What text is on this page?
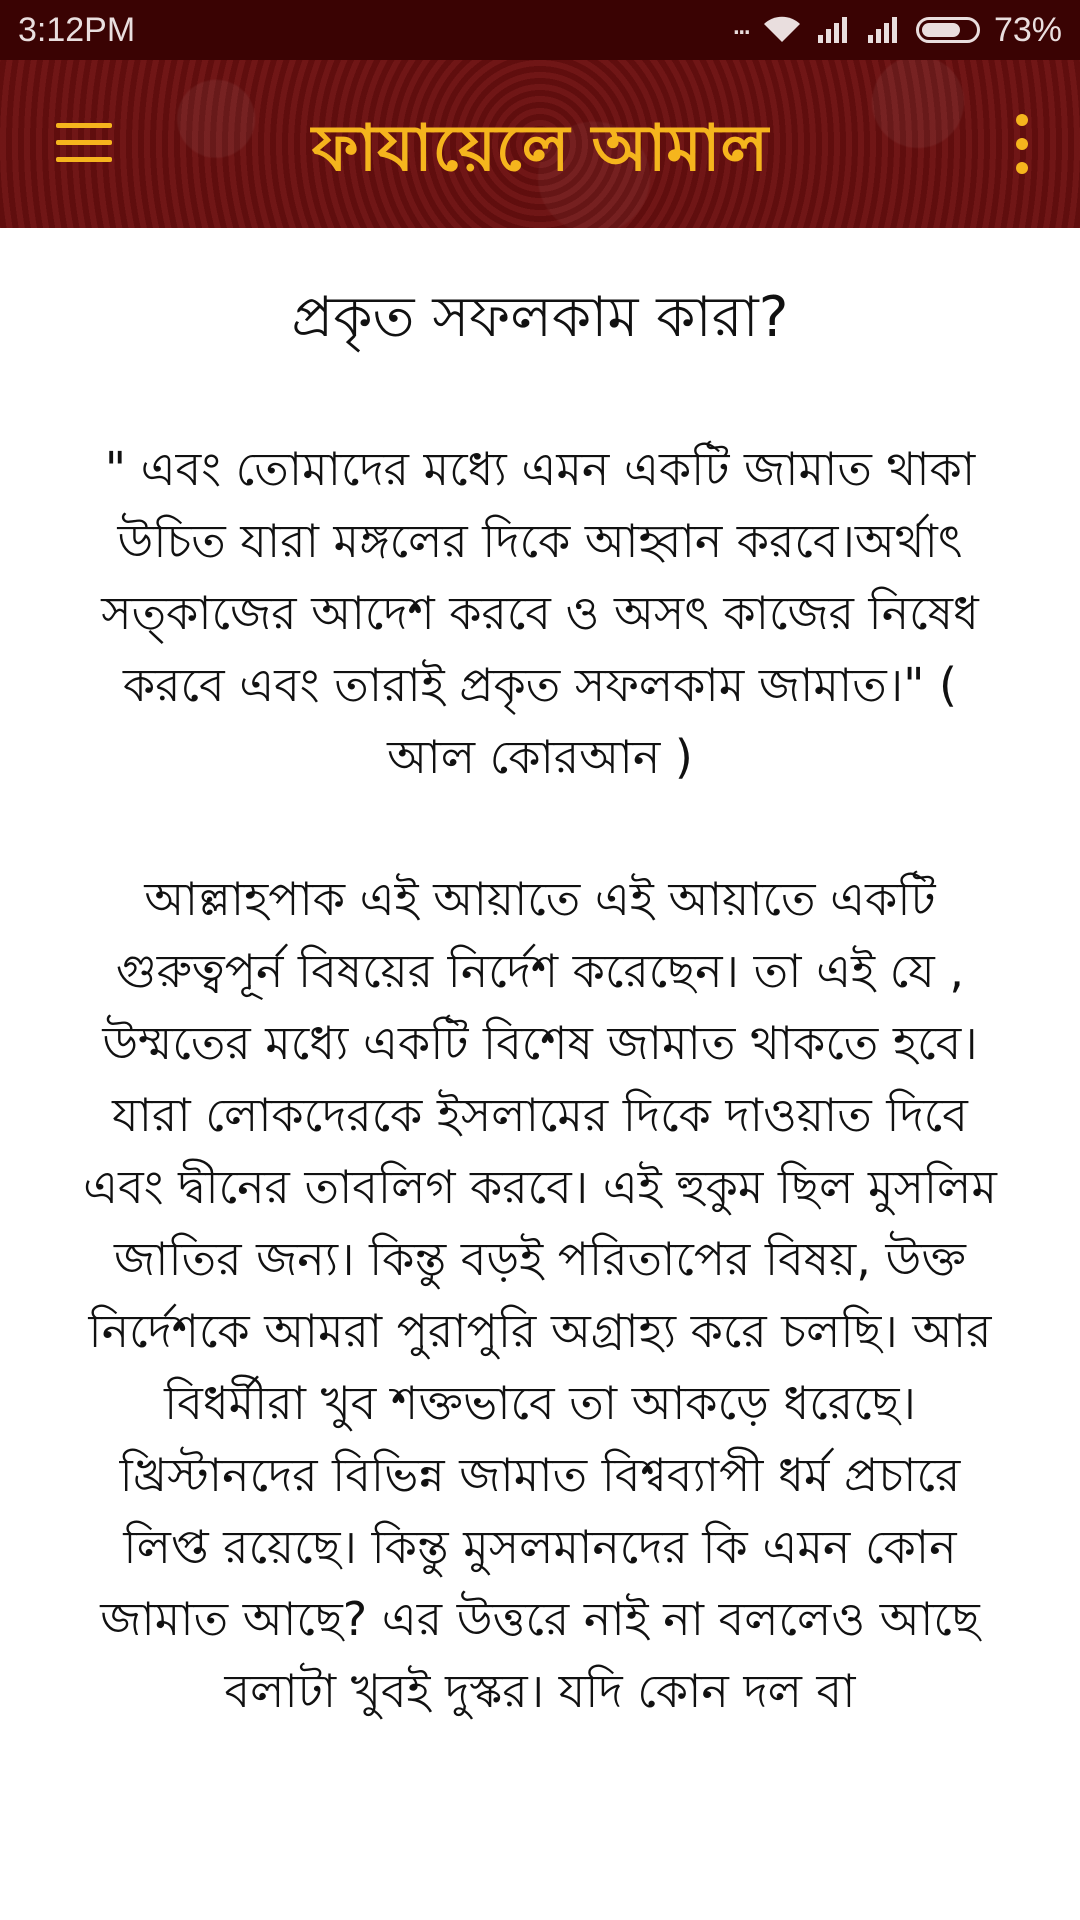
3:12PM	...	73%
ফাযায়েলে আমাল
প্রকৃত সফলকাম কারা?
" এবং তোমাদের মধ্যে এমন একটি জামাত থাকা উচিত যারা মঙ্গলের দিকে আহ্বান করবে।অর্থাৎ সত্কাজের আদেশ করবে ও অসৎ কাজের নিষেধ করবে এবং তারাই প্রকৃত সফলকাম জামাত।" ( আল কোরআন )
আল্লাহপাক এই আয়াতে এই আয়াতে একটি গুরুত্বপূর্ন বিষয়ের নির্দেশ করেছেন। তা এই যে , উম্মতের মধ্যে একটি বিশেষ জামাত থাকতে হবে। যারা লোকদেরকে ইসলামের দিকে দাওয়াত দিবে এবং দ্বীনের তাবলিগ করবে। এই হুকুম ছিল মুসলিম জাতির জন্য। কিন্তু বড়ই পরিতাপের বিষয়, উক্ত নির্দেশকে আমরা পুরাপুরি অগ্রাহ্য করে চলছি। আর বিধর্মীরা খুব শক্তভাবে তা আকড়ে ধরেছে। খ্রিস্টানদের বিভিন্ন জামাত বিশ্বব্যাপী ধর্ম প্রচারে লিপ্ত রয়েছে। কিন্তু মুসলমানদের কি এমন কোন জামাত আছে? এর উত্তরে নাই না বললেও আছে বলাটা খুবই দুস্কর। যদি কোন দল বা
